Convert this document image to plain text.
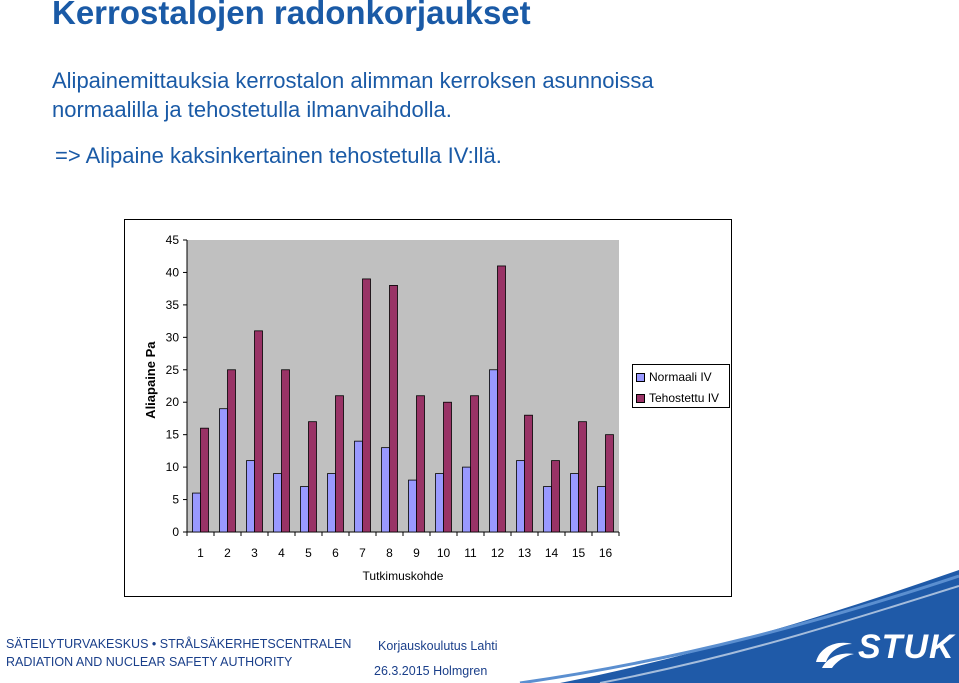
Kerrostalojen radonkorjaukset

Alipainemittauksia kerrostalon alimman kerroksen asunnoissa
normaalilla ja tehostetulla ilmanvaihdolla.

=> Alipaine kaksinkertainen tehostetulla IV:llä.

0
5
10
15
20
25
30
35
40
45
1 2 3 4 5 6 7 8 9 10 11 12 13 14 15 16
Tutkimuskohde
Aliapaine Pa	Normaali IV
Tehostettu IV
STUK
SÄTEILYTURVAKESKUS • STRÅLSÄKERHETSCENTRALEN
RADIATION AND NUCLEAR SAFETY AUTHORITY
Korjauskoulutus Lahti
26.3.2015 Holmgren
